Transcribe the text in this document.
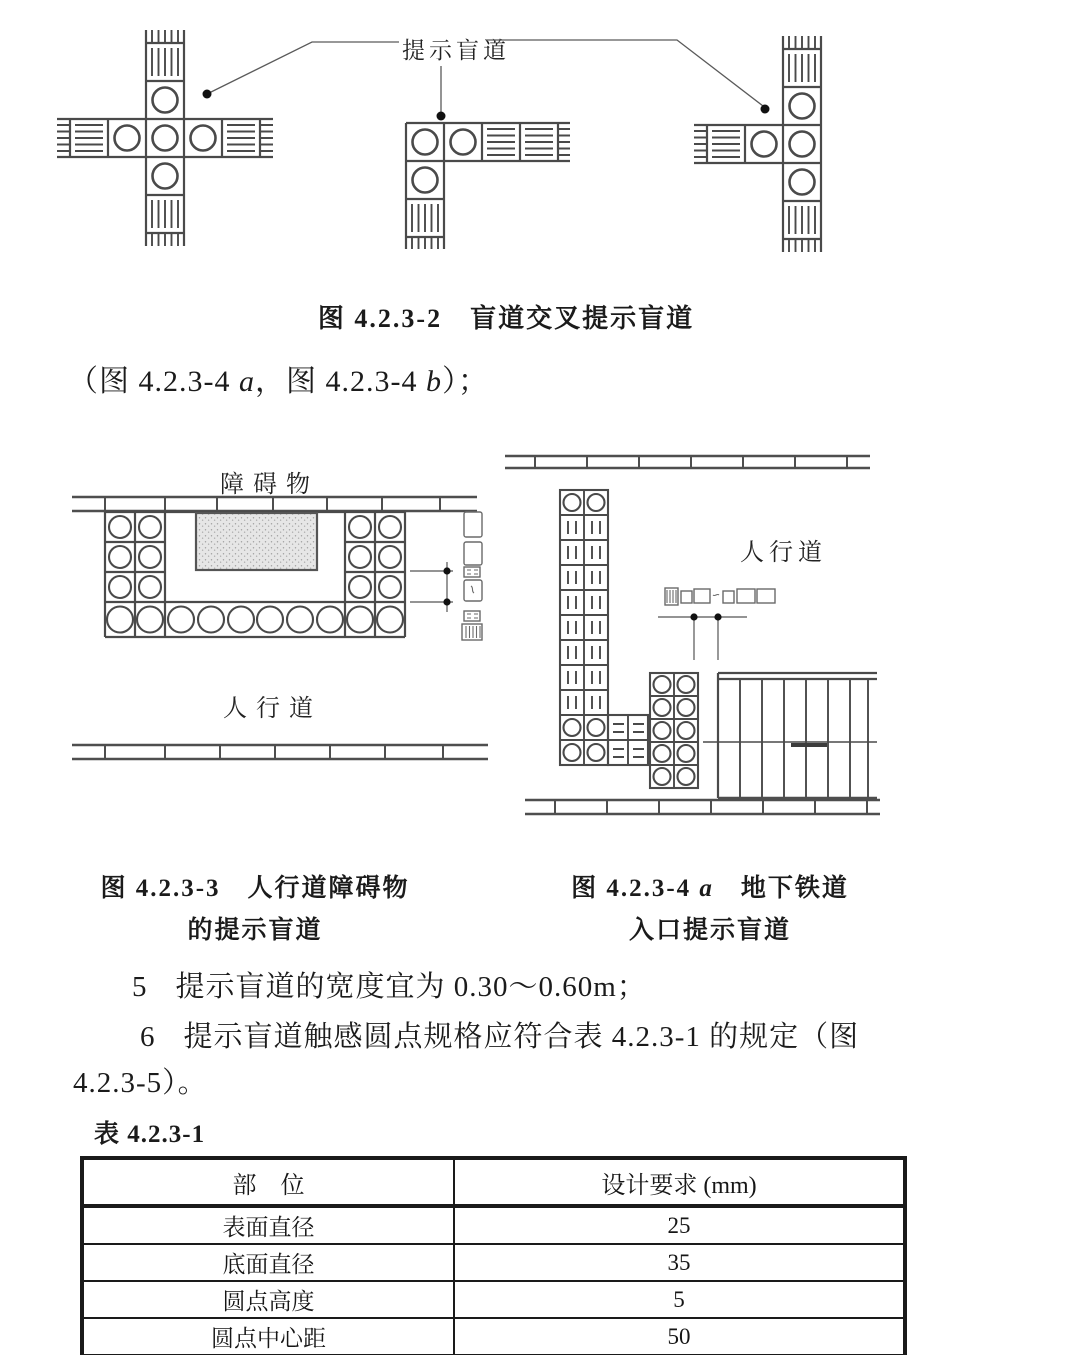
提示盲道
图 4.2.3-2　盲道交叉提示盲道
（图 4.2.3-4 a，图 4.2.3-4 b）；
障碍物
人行道
人行道
图 4.2.3-3　人行道障碍物
的提示盲道
图 4.2.3-4 a　地下铁道
入口提示盲道
5 提示盲道的宽度宜为 0.30～0.60m；
6 提示盲道触感圆点规格应符合表 4.2.3-1 的规定（图
4.2.3-5）。
表 4.2.3-1
部　位	设计要求 (mm)
表面直径	25
底面直径	35
圆点高度	5
圆点中心距	50
